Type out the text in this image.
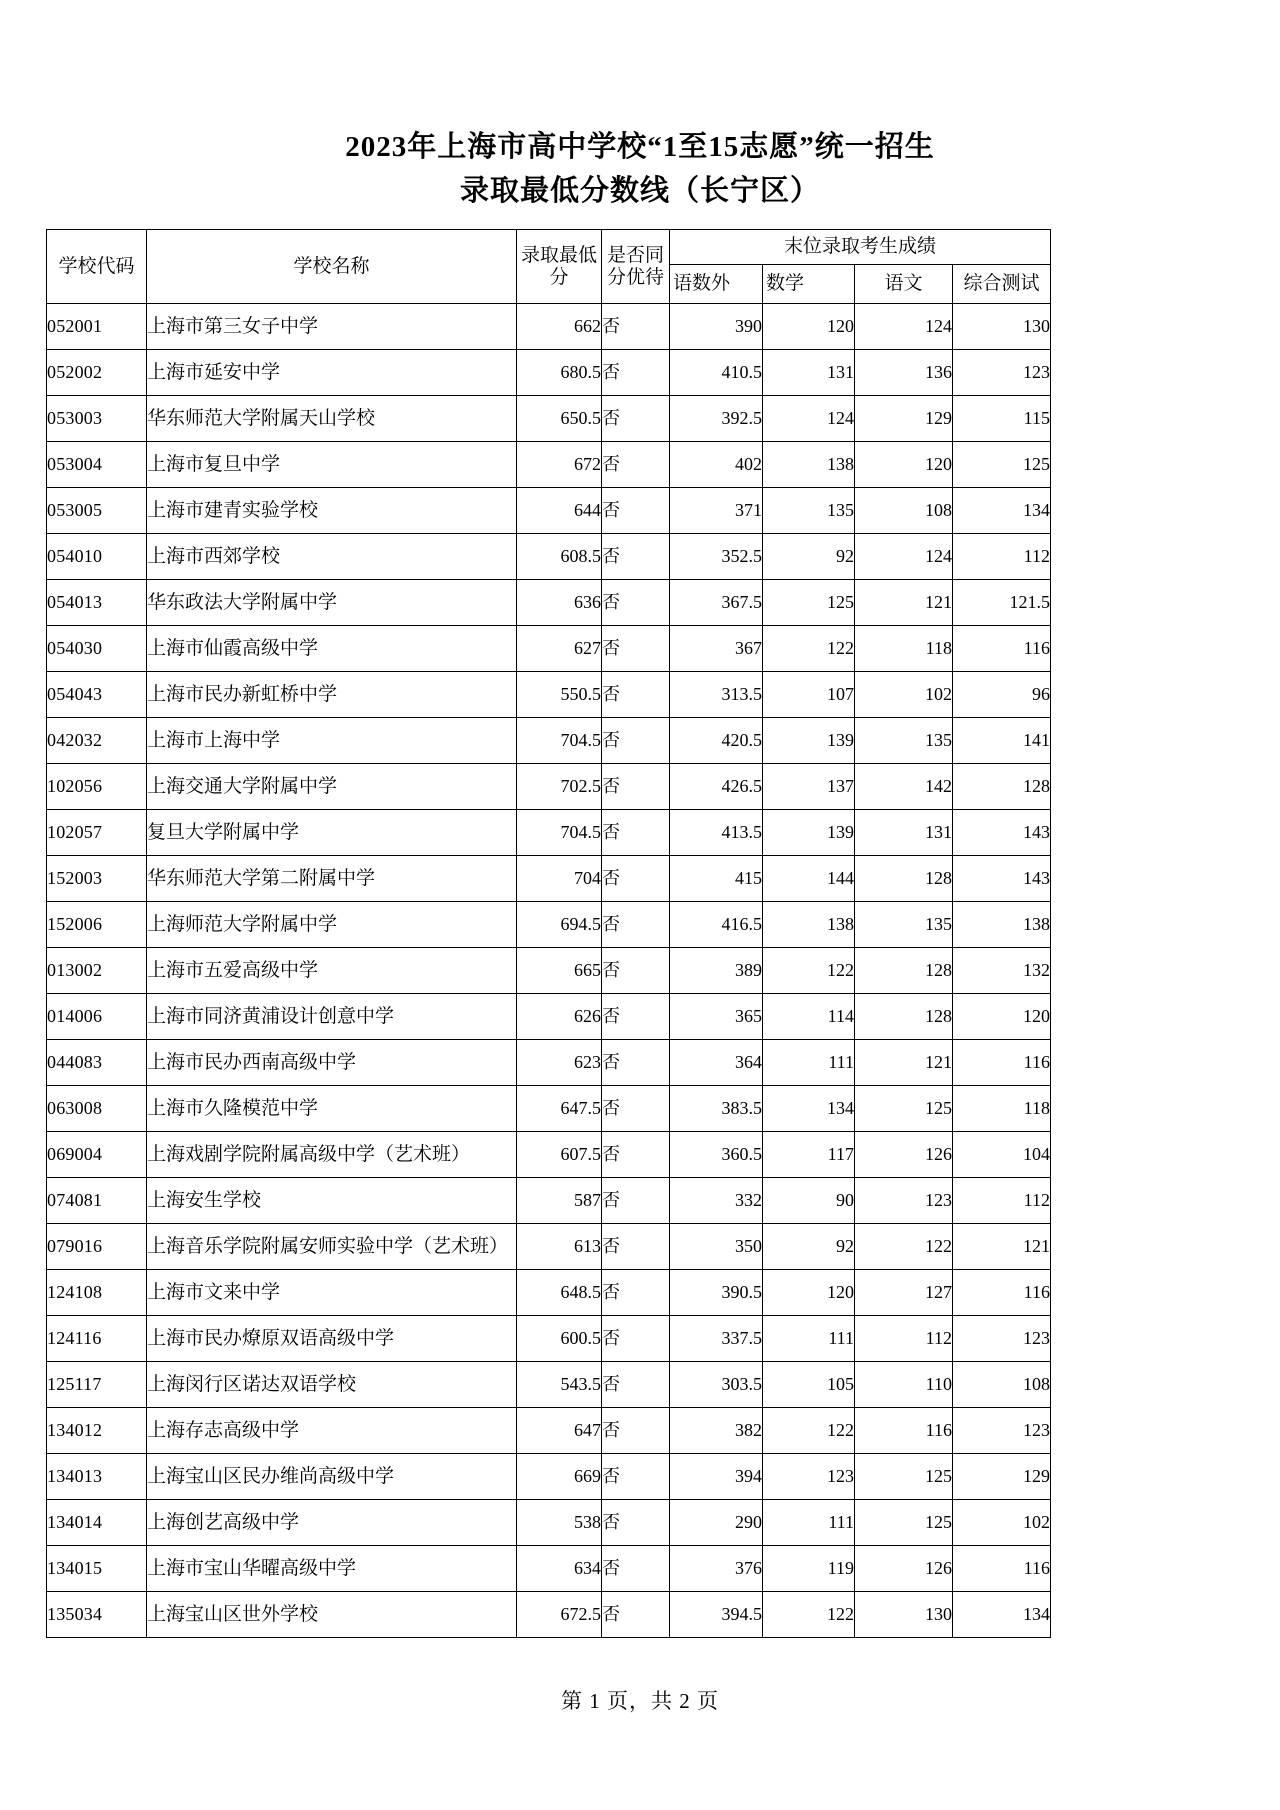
2023年上海市高中学校“1至15志愿”统一招生
录取最低分数线（长宁区）
学校代码	学校名称	录取最低分	是否同分优待	末位录取考生成绩			
				语数外	数学	语文	综合测试
052001	上海市第三女子中学	662	否	390	120	124	130
052002	上海市延安中学	680.5	否	410.5	131	136	123
053003	华东师范大学附属天山学校	650.5	否	392.5	124	129	115
053004	上海市复旦中学	672	否	402	138	120	125
053005	上海市建青实验学校	644	否	371	135	108	134
054010	上海市西郊学校	608.5	否	352.5	92	124	112
054013	华东政法大学附属中学	636	否	367.5	125	121	121.5
054030	上海市仙霞高级中学	627	否	367	122	118	116
054043	上海市民办新虹桥中学	550.5	否	313.5	107	102	96
042032	上海市上海中学	704.5	否	420.5	139	135	141
102056	上海交通大学附属中学	702.5	否	426.5	137	142	128
102057	复旦大学附属中学	704.5	否	413.5	139	131	143
152003	华东师范大学第二附属中学	704	否	415	144	128	143
152006	上海师范大学附属中学	694.5	否	416.5	138	135	138
013002	上海市五爱高级中学	665	否	389	122	128	132
014006	上海市同济黄浦设计创意中学	626	否	365	114	128	120
044083	上海市民办西南高级中学	623	否	364	111	121	116
063008	上海市久隆模范中学	647.5	否	383.5	134	125	118
069004	上海戏剧学院附属高级中学（艺术班）	607.5	否	360.5	117	126	104
074081	上海安生学校	587	否	332	90	123	112
079016	上海音乐学院附属安师实验中学（艺术班）	613	否	350	92	122	121
124108	上海市文来中学	648.5	否	390.5	120	127	116
124116	上海市民办燎原双语高级中学	600.5	否	337.5	111	112	123
125117	上海闵行区诺达双语学校	543.5	否	303.5	105	110	108
134012	上海存志高级中学	647	否	382	122	116	123
134013	上海宝山区民办维尚高级中学	669	否	394	123	125	129
134014	上海创艺高级中学	538	否	290	111	125	102
134015	上海市宝山华曜高级中学	634	否	376	119	126	116
135034	上海宝山区世外学校	672.5	否	394.5	122	130	134
第 1 页，共 2 页
